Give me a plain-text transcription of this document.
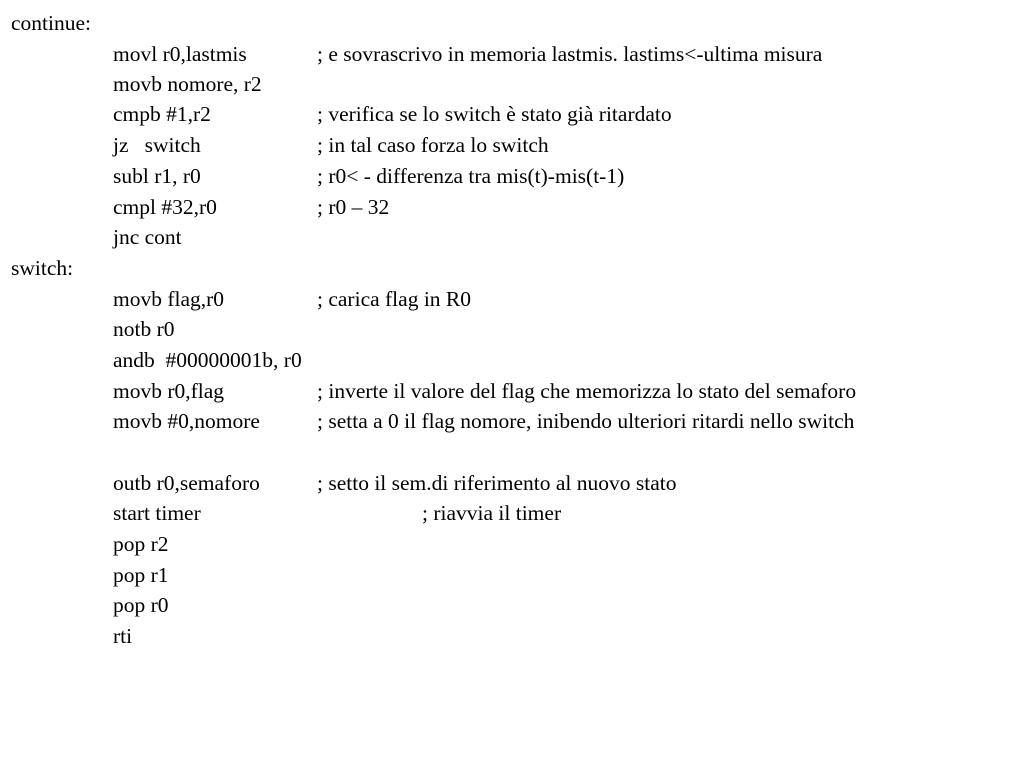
continue:

movl r0,lastmis

	; e sovrascrivo in memoria lastmis. lastims<-ultima misura

movb nomore, r2

cmpb #1,r2

	; verifica se lo switch è stato già ritardato

jz   switch

	; in tal caso forza lo switch

subl r1, r0

	; r0< - differenza tra mis(t)-mis(t-1)

cmpl #32,r0

	; r0 – 32

jnc cont

switch:

movb flag,r0

	; carica flag in R0

notb r0

andb  #00000001b, r0

movb r0,flag

	; inverte il valore del flag che memorizza lo stato del semaforo

movb #0,nomore

	; setta a 0 il flag nomore, inibendo ulteriori ritardi nello switch

outb r0,semaforo

	; setto il sem.di riferimento al nuovo stato

start timer

	; riavvia il timer

pop r2

pop r1

pop r0

rti
